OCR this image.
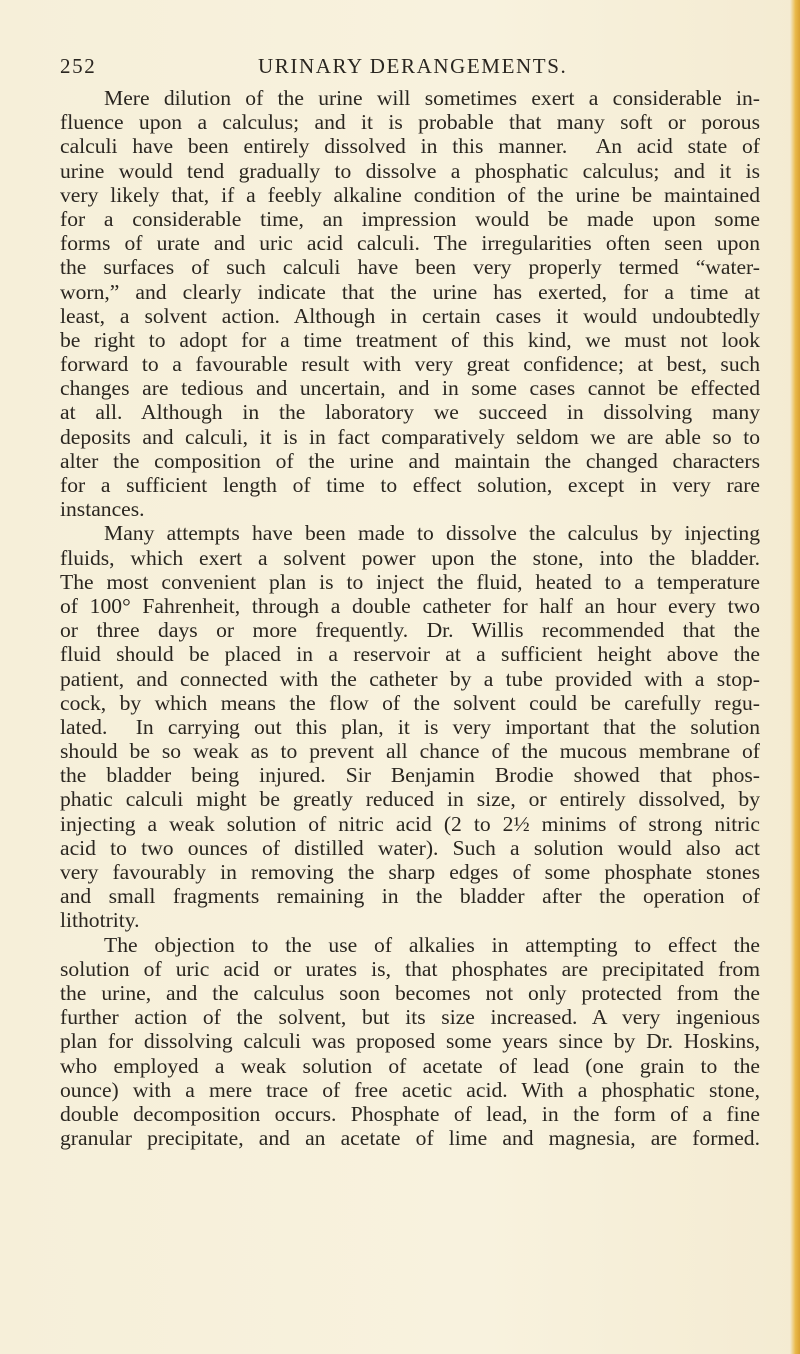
252	URINARY DERANGEMENTS.
Mere dilution of the urine will sometimes exert a considerable in-
fluence upon a calculus; and it is probable that many soft or porous
calculi have been entirely dissolved in this manner.  An acid state of
urine would tend gradually to dissolve a phosphatic calculus; and it is
very likely that, if a feebly alkaline condition of the urine be maintained
for a considerable time, an impression would be made upon some
forms of urate and uric acid calculi. The irregularities often seen upon
the surfaces of such calculi have been very properly termed “water-
worn,” and clearly indicate that the urine has exerted, for a time at
least, a solvent action. Although in certain cases it would undoubtedly
be right to adopt for a time treatment of this kind, we must not look
forward to a favourable result with very great confidence; at best, such
changes are tedious and uncertain, and in some cases cannot be effected
at all. Although in the laboratory we succeed in dissolving many
deposits and calculi, it is in fact comparatively seldom we are able so to
alter the composition of the urine and maintain the changed characters
for a sufficient length of time to effect solution, except in very rare
instances.
Many attempts have been made to dissolve the calculus by injecting
fluids, which exert a solvent power upon the stone, into the bladder.
The most convenient plan is to inject the fluid, heated to a temperature
of 100° Fahrenheit, through a double catheter for half an hour every two
or three days or more frequently. Dr. Willis recommended that the
fluid should be placed in a reservoir at a sufficient height above the
patient, and connected with the catheter by a tube provided with a stop-
cock, by which means the flow of the solvent could be carefully regu-
lated.  In carrying out this plan, it is very important that the solution
should be so weak as to prevent all chance of the mucous membrane of
the bladder being injured. Sir Benjamin Brodie showed that phos-
phatic calculi might be greatly reduced in size, or entirely dissolved, by
injecting a weak solution of nitric acid (2 to 2½ minims of strong nitric
acid to two ounces of distilled water). Such a solution would also act
very favourably in removing the sharp edges of some phosphate stones
and small fragments remaining in the bladder after the operation of
lithotrity.
The objection to the use of alkalies in attempting to effect the
solution of uric acid or urates is, that phosphates are precipitated from
the urine, and the calculus soon becomes not only protected from the
further action of the solvent, but its size increased. A very ingenious
plan for dissolving calculi was proposed some years since by Dr. Hoskins,
who employed a weak solution of acetate of lead (one grain to the
ounce) with a mere trace of free acetic acid. With a phosphatic stone,
double decomposition occurs. Phosphate of lead, in the form of a fine
granular precipitate, and an acetate of lime and magnesia, are formed.
